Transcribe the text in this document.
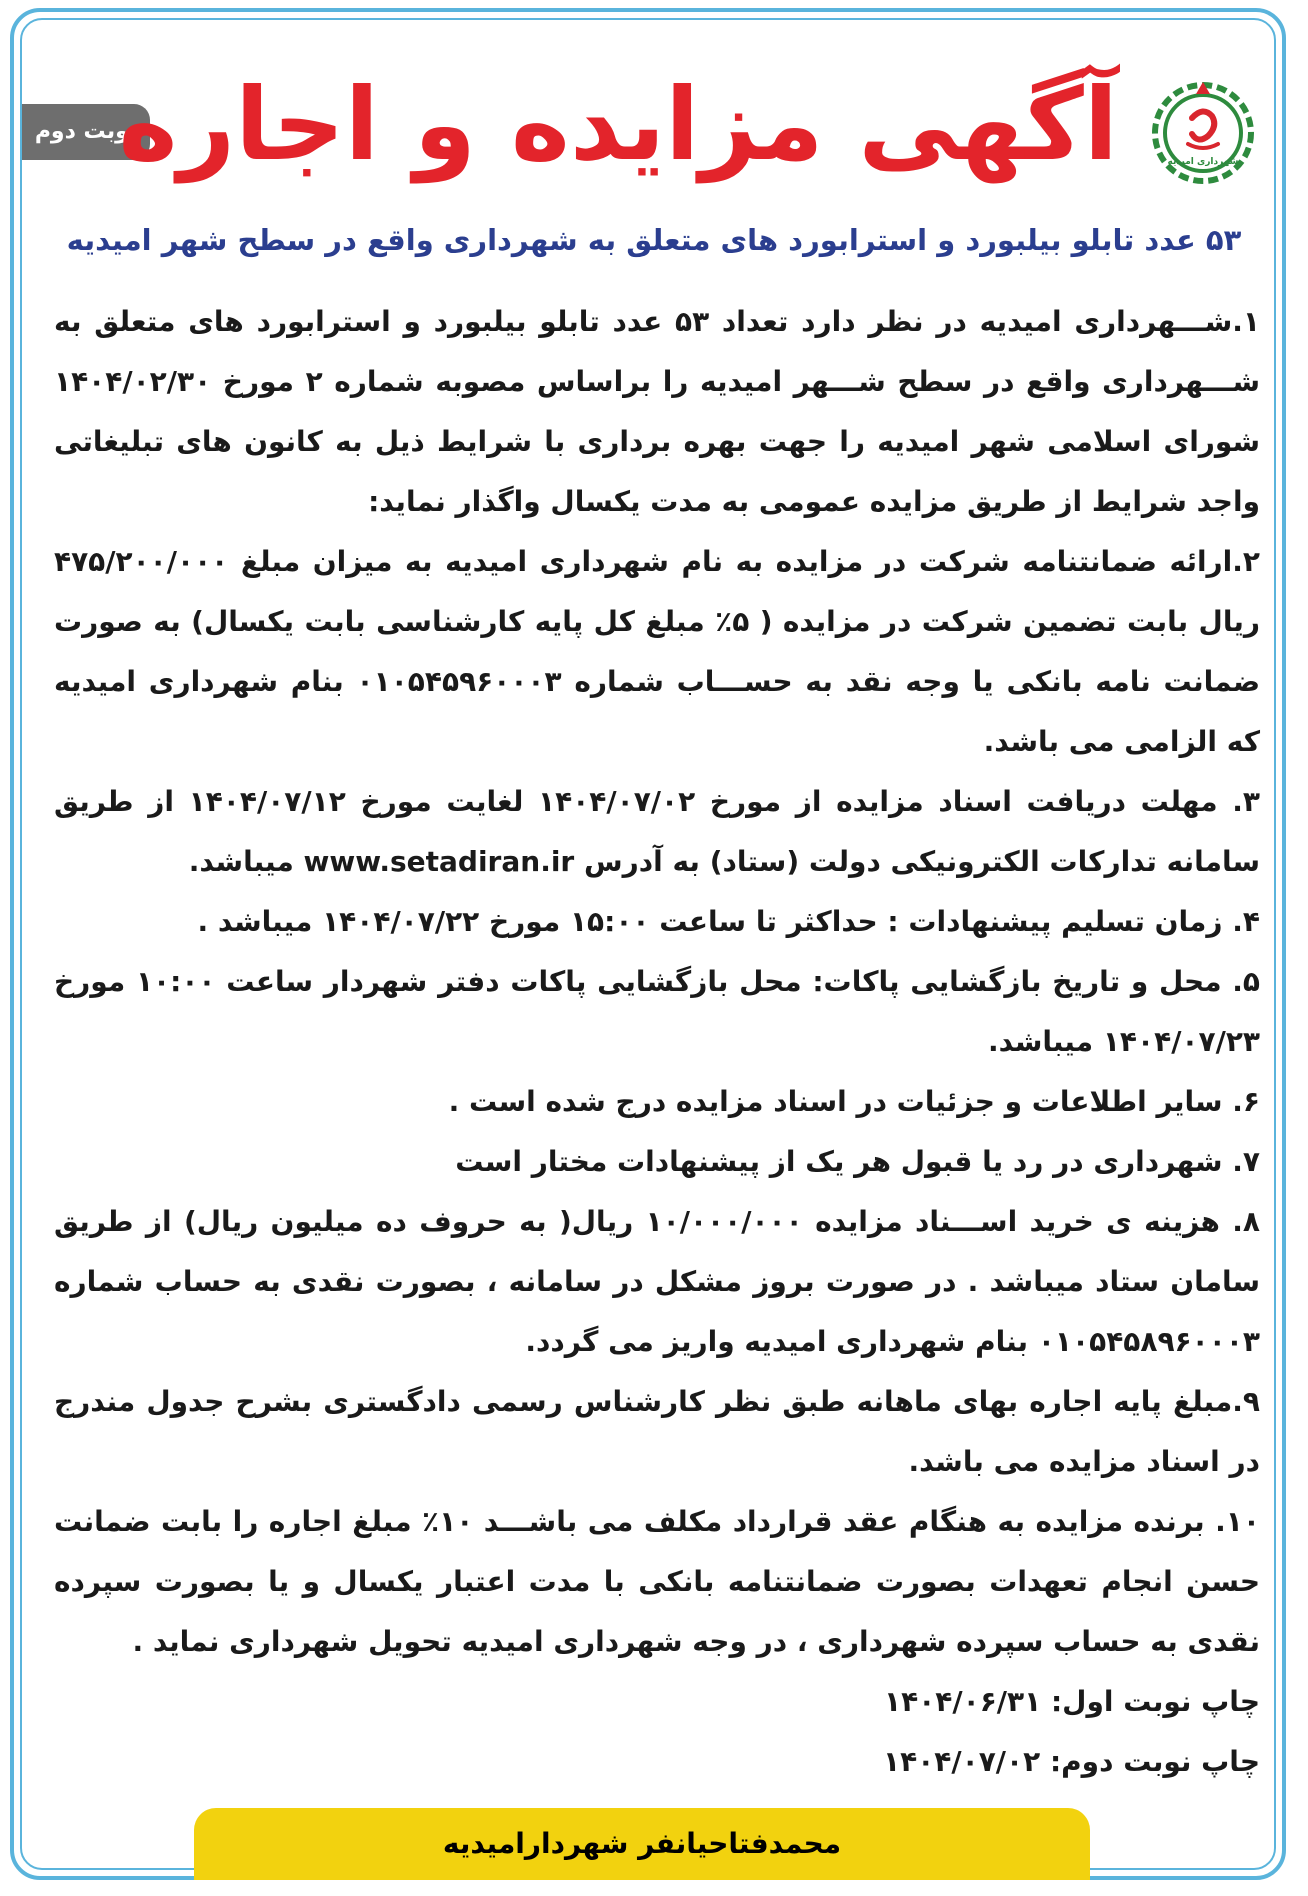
نوبت دوم
آگهی مزایده و اجاره	شهرداری امیدیه
۵۳ عدد تابلو بیلبورد و استرابورد های متعلق به شهرداری واقع در سطح شهر امیدیه

۱.شـــهرداری امیدیه در نظر دارد تعداد ۵۳ عدد تابلو بیلبورد و استرابورد های متعلق به شـــهرداری واقع در سطح شـــهر امیدیه را براساس مصوبه شماره ۲ مورخ ۱۴۰۴/۰۲/۳۰ شورای اسلامی شهر امیدیه را جهت بهره برداری با شرایط ذیل به کانون های تبلیغاتی واجد شرایط از طریق مزایده عمومی به مدت یکسال واگذار نماید:

۲.ارائه ضمانتنامه شرکت در مزایده به نام شهرداری امیدیه به میزان مبلغ ۴۷۵/۲۰۰/۰۰۰ ریال بابت تضمین شرکت در مزایده ( ۵٪ مبلغ کل پایه کارشناسی بابت یکسال) به صورت ضمانت نامه بانکی یا وجه نقد به حســـاب شماره ۰۱۰۵۴۵۹۶۰۰۰۳ بنام شهرداری امیدیه که الزامی می باشد.

۳. مهلت دریافت اسناد مزایده از مورخ ۱۴۰۴/۰۷/۰۲ لغایت مورخ ۱۴۰۴/۰۷/۱۲ از طریق سامانه تدارکات الکترونیکی دولت (ستاد) به آدرس www.setadiran.ir میباشد.

۴. زمان تسلیم پیشنهادات : حداکثر تا ساعت ۱۵:۰۰ مورخ ۱۴۰۴/۰۷/۲۲ میباشد .

۵. محل و تاریخ بازگشایی پاکات: محل بازگشایی پاکات دفتر شهردار ساعت ۱۰:۰۰ مورخ ۱۴۰۴/۰۷/۲۳ میباشد.

۶. سایر اطلاعات و جزئیات در اسناد مزایده درج شده است .

۷. شهرداری در رد یا قبول هر یک از پیشنهادات مختار است

۸. هزینه ی خرید اســـناد مزایده ۱۰/۰۰۰/۰۰۰ ریال( به حروف ده میلیون ریال) از طریق سامان ستاد میباشد . در صورت بروز مشکل در سامانه ، بصورت نقدی به حساب شماره ۰۱۰۵۴۵۸۹۶۰۰۰۳ بنام شهرداری امیدیه واریز می گردد.

۹.مبلغ پایه اجاره بهای ماهانه طبق نظر کارشناس رسمی دادگستری بشرح جدول مندرج در اسناد مزایده می باشد.

۱۰. برنده مزایده به هنگام عقد قرارداد مکلف می باشـــد ۱۰٪ مبلغ اجاره را بابت ضمانت حسن انجام تعهدات بصورت ضمانتنامه بانکی با مدت اعتبار یکسال و یا بصورت سپرده نقدی به حساب سپرده شهرداری ، در وجه شهرداری امیدیه تحویل شهرداری نماید .

چاپ نوبت اول: ۱۴۰۴/۰۶/۳۱

چاپ نوبت دوم: ۱۴۰۴/۰۷/۰۲

محمدفتاحیانفر شهردارامیدیه
